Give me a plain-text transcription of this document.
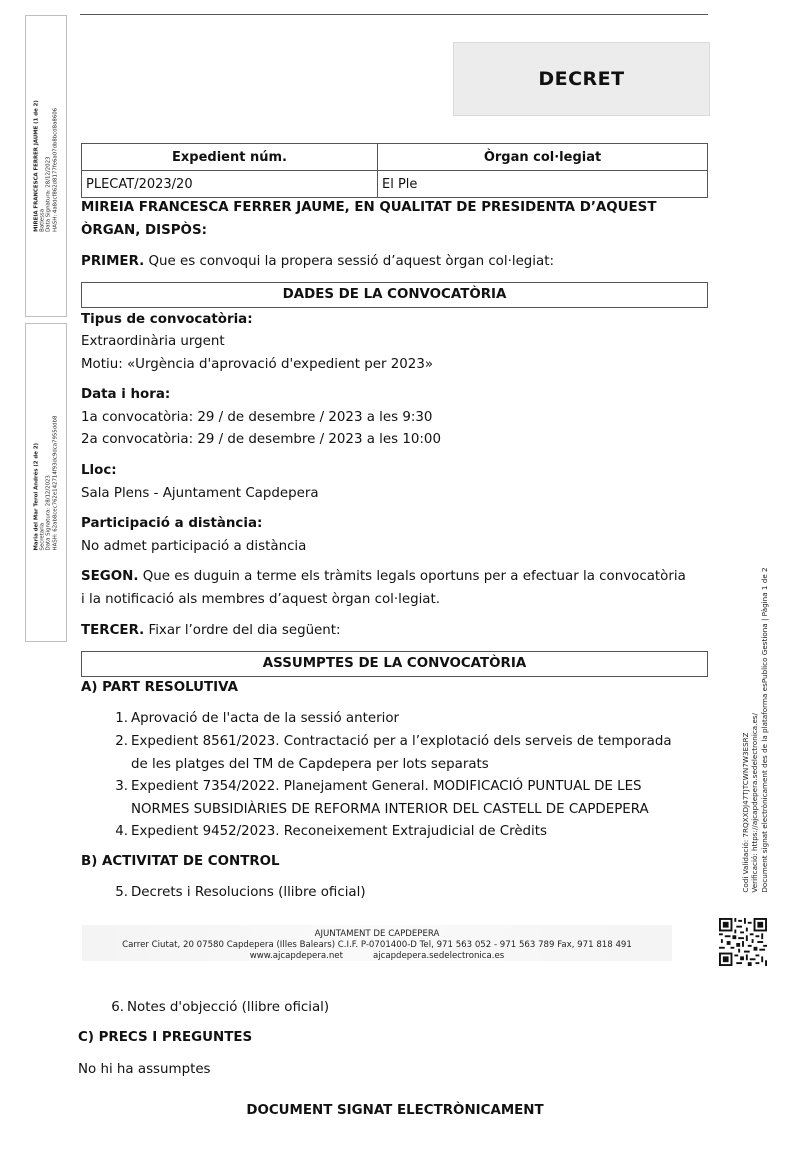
MIREIA FRANCESCA FERRER JAUME (1 de 2) Batlessa Data Signatura: 28/12/2023 HASH: 4a8dcf862d8177fe6a07db8bcd8a8606
Maria del Mar Terol Andrés (2 de 2) Secretaria Data Signatura: 28/12/2023 HASH: 62ab8cec762e142714f93dc9dca7955ddb8
DECRET
Expedient núm.	Òrgan col·legiat
PLECAT/2023/20	El Ple
MIREIA FRANCESCA FERRER JAUME, EN QUALITAT DE PRESIDENTA D’AQUEST
ÒRGAN, DISPÒS:
PRIMER. Que es convoqui la propera sessió d’aquest òrgan col·legiat:
DADES DE LA CONVOCATÒRIA
Tipus de convocatòria:
Extraordinària urgent
Motiu: «Urgència d'aprovació d'expedient per 2023»
Data i hora:
1a convocatòria: 29 / de desembre / 2023 a les 9:30
2a convocatòria: 29 / de desembre / 2023 a les 10:00
Lloc:
Sala Plens - Ajuntament Capdepera
Participació a distància:
No admet participació a distància
SEGON. Que es duguin a terme els tràmits legals oportuns per a efectuar la convocatòria
i la notificació als membres d’aquest òrgan col·legiat.
TERCER. Fixar l’ordre del dia següent:
ASSUMPTES DE LA CONVOCATÒRIA
A) PART RESOLUTIVA
1. Aprovació de l'acta de la sessió anterior
2. Expedient 8561/2023. Contractació per a l’explotació dels serveis de temporada
de les platges del TM de Capdepera per lots separats
3. Expedient 7354/2022. Planejament General. MODIFICACIÓ PUNTUAL DE LES
NORMES SUBSIDIÀRIES DE REFORMA INTERIOR DEL CASTELL DE CAPDEPERA
4. Expedient 9452/2023. Reconeixement Extrajudicial de Crèdits
B) ACTIVITAT DE CONTROL
5. Decrets i Resolucions (llibre oficial)
AJUNTAMENT DE CAPDEPERA
Carrer Ciutat, 20 07580 Capdepera (Illes Balears) C.I.F. P-0701400-D Tel, 971 563 052 - 971 563 789 Fax, 971 818 491
www.ajcapdepera.net	ajcapdepera.sedelectronica.es
Codi Validació: 7RQXXDJ47TJTCWN7W3ESRZ Verificació: https://ajcapdepera.sedelectronica.es/ Document signat electrònicament des de la plataforma esPublico Gestiona | Pàgina 1 de 2
6. Notes d'objecció (llibre oficial)
C) PRECS I PREGUNTES
No hi ha assumptes
DOCUMENT SIGNAT ELECTRÒNICAMENT
